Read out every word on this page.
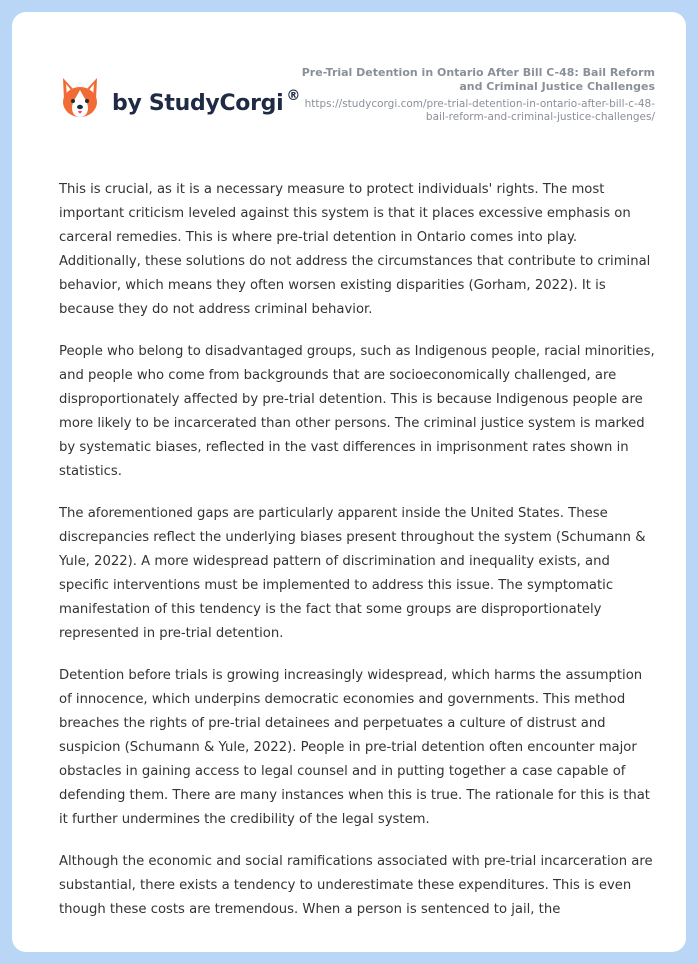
by StudyCorgi ®
Pre-Trial Detention in Ontario After Bill C-48: Bail Reform and Criminal Justice Challenges
https://studycorgi.com/pre-trial-detention-in-ontario-after-bill-c-48-bail-reform-and-criminal-justice-challenges/

This is crucial, as it is a necessary measure to protect individuals' rights. The most important criticism leveled against this system is that it places excessive emphasis on carceral remedies. This is where pre-trial detention in Ontario comes into play. Additionally, these solutions do not address the circumstances that contribute to criminal behavior, which means they often worsen existing disparities (Gorham, 2022). It is because they do not address criminal behavior.

People who belong to disadvantaged groups, such as Indigenous people, racial minorities, and people who come from backgrounds that are socioeconomically challenged, are disproportionately affected by pre-trial detention. This is because Indigenous people are more likely to be incarcerated than other persons. The criminal justice system is marked by systematic biases, reflected in the vast differences in imprisonment rates shown in statistics.

The aforementioned gaps are particularly apparent inside the United States. These discrepancies reflect the underlying biases present throughout the system (Schumann & Yule, 2022). A more widespread pattern of discrimination and inequality exists, and specific interventions must be implemented to address this issue. The symptomatic manifestation of this tendency is the fact that some groups are disproportionately represented in pre-trial detention.

Detention before trials is growing increasingly widespread, which harms the assumption of innocence, which underpins democratic economies and governments. This method breaches the rights of pre-trial detainees and perpetuates a culture of distrust and suspicion (Schumann & Yule, 2022). People in pre-trial detention often encounter major obstacles in gaining access to legal counsel and in putting together a case capable of defending them. There are many instances when this is true. The rationale for this is that it further undermines the credibility of the legal system.

Although the economic and social ramifications associated with pre-trial incarceration are substantial, there exists a tendency to underestimate these expenditures. This is even though these costs are tremendous. When a person is sentenced to jail, the
